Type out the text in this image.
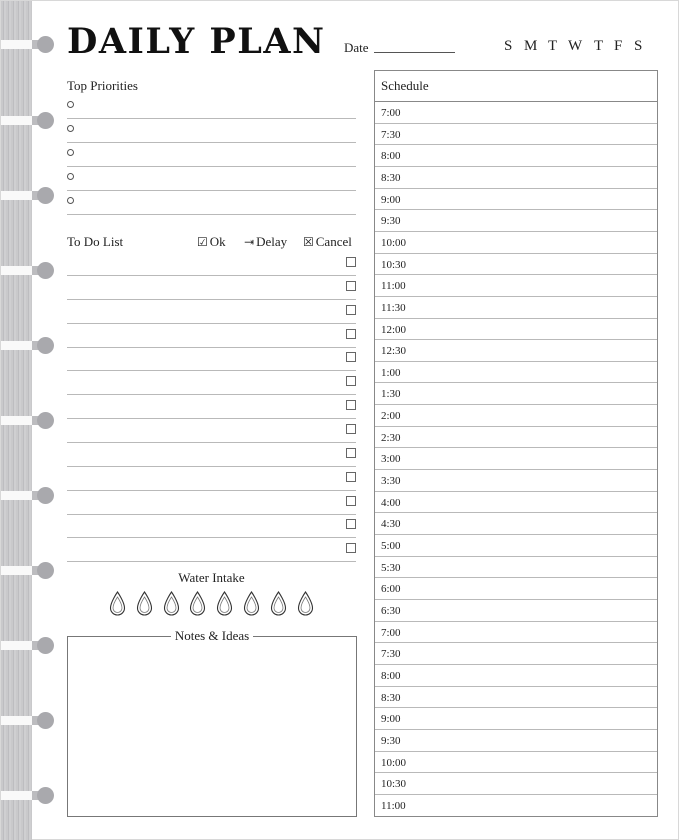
DAILY PLAN Date	S M T W T F S
Top Priorities
To Do List	☑ Ok ⇥ Delay ☒ Cancel
Water Intake
Notes & Ideas
Schedule
7:00
7:30
8:00
8:30
9:00
9:30
10:00
10:30
11:00
11:30
12:00
12:30
1:00
1:30
2:00
2:30
3:00
3:30
4:00
4:30
5:00
5:30
6:00
6:30
7:00
7:30
8:00
8:30
9:00
9:30
10:00
10:30
11:00
